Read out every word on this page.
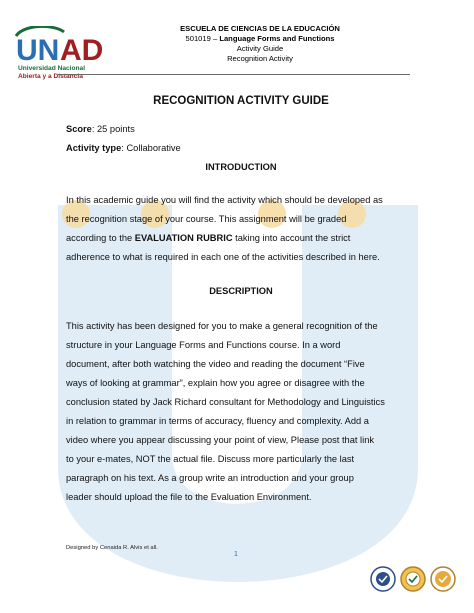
UN AD
Universidad Nacional
Abierta y a Distancia
ESCUELA DE CIENCIAS DE LA EDUCACIÓN
501019 – Language Forms and Functions
Activity Guide
Recognition Activity
RECOGNITION ACTIVITY GUIDE
Score: 25 points
Activity type: Collaborative
INTRODUCTION
In this academic guide you will find the activity which should be developed as
the recognition stage of your course. This assignment will be graded
according to the EVALUATION RUBRIC taking into account the strict
adherence to what is required in each one of the activities described in here.
DESCRIPTION
This activity has been designed for you to make a general recognition of the
structure in your Language Forms and Functions course. In a word
document, after both watching the video and reading the document “Five
ways of looking at grammar”, explain how you agree or disagree with the
conclusion stated by Jack Richard consultant for Methodology and Linguistics
in relation to grammar in terms of accuracy, fluency and complexity. Add a
video where you appear discussing your point of view, Please post that link
to your e-mates, NOT the actual file. Discuss more particularly the last
paragraph on his text. As a group write an introduction and your group
leader should upload the file to the Evaluation Environment.
Designed by Cenaida R. Alvis et all.
1
